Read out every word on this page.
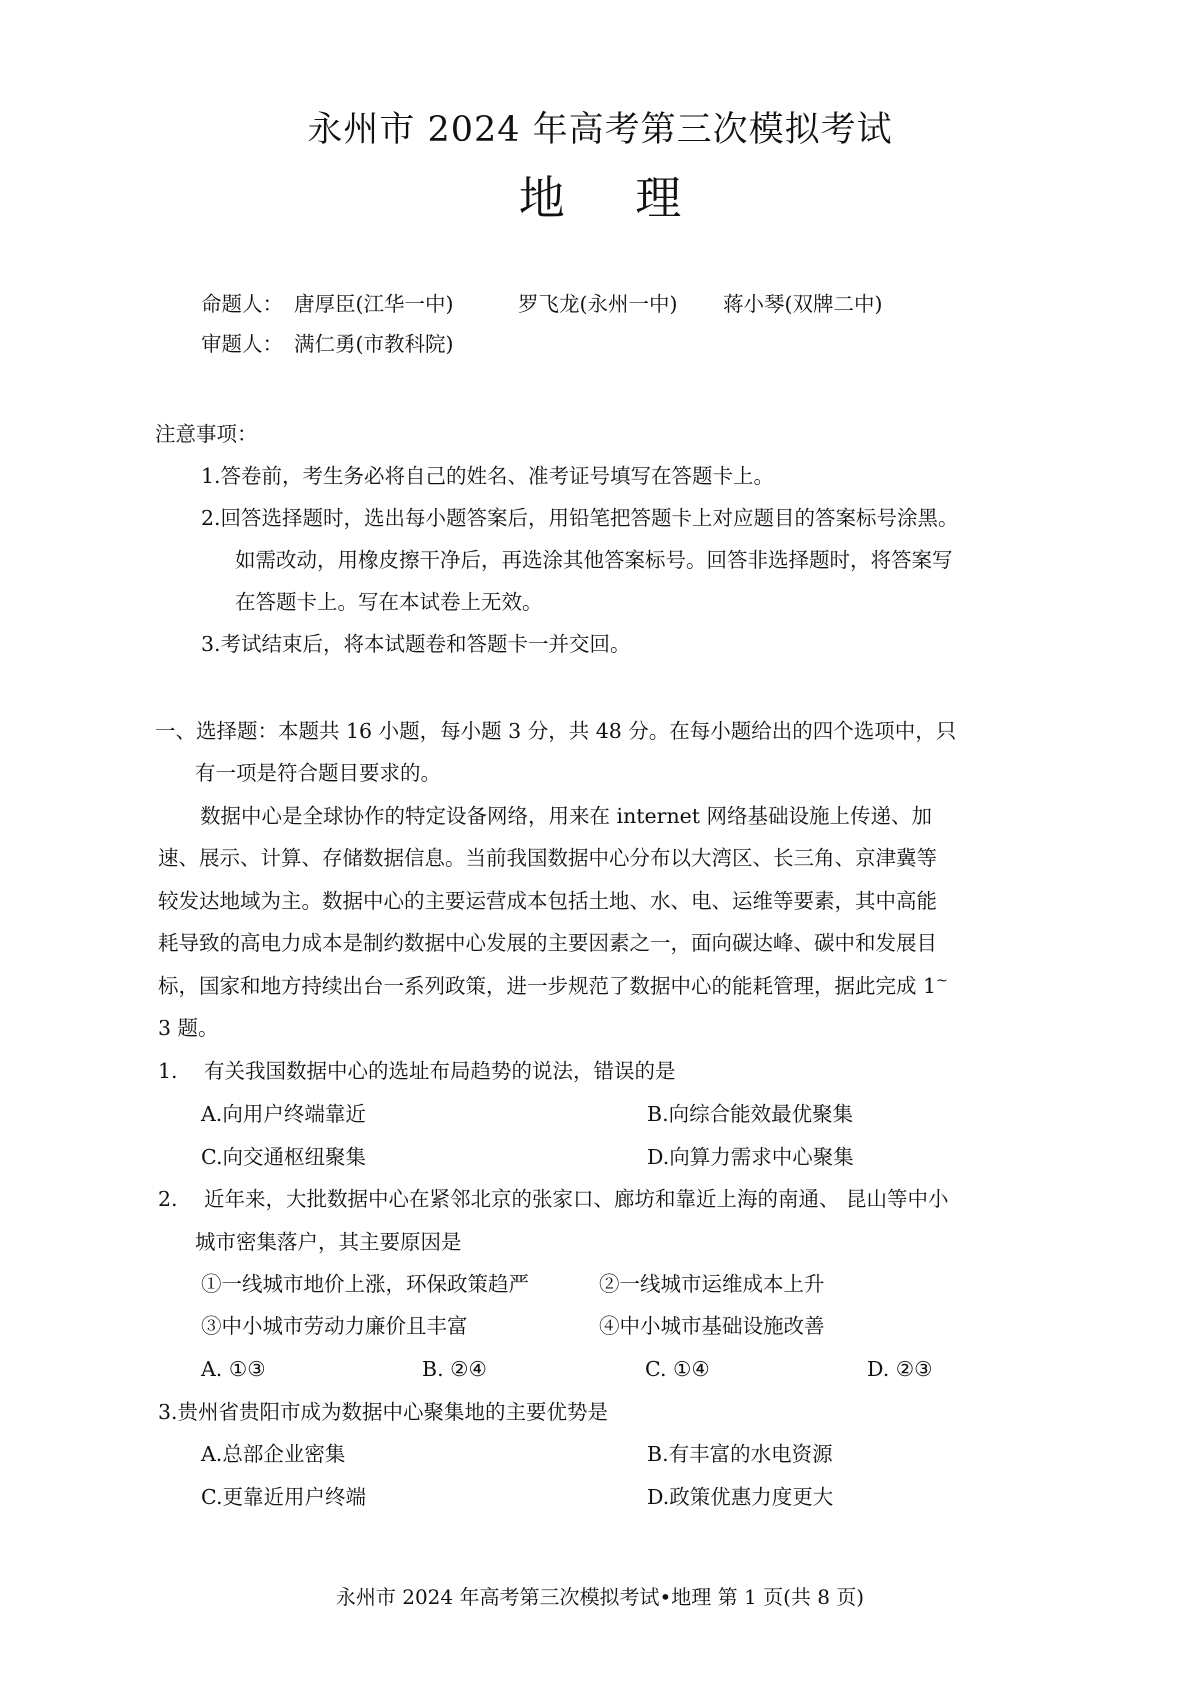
永州市 2024 年高考第三次模拟考试
地 理
命题人： 唐厚臣(江华一中)	罗飞龙(永州一中) 蒋小琴(双牌二中)
审题人： 满仁勇(市教科院)
注意事项：
1.答卷前，考生务必将自己的姓名、准考证号填写在答题卡上。
2.回答选择题时，选出每小题答案后，用铅笔把答题卡上对应题目的答案标号涂黑。
如需改动，用橡皮擦干净后，再选涂其他答案标号。回答非选择题时，将答案写
在答题卡上。写在本试卷上无效。
3.考试结束后，将本试题卷和答题卡一并交回。
一、选择题：本题共 16 小题，每小题 3 分，共 48 分。在每小题给出的四个选项中，只
有一项是符合题目要求的。
数据中心是全球协作的特定设备网络，用来在 internet 网络基础设施上传递、加
速、展示、计算、存储数据信息。当前我国数据中心分布以大湾区、长三角、京津冀等
较发达地域为主。数据中心的主要运营成本包括土地、水、电、运维等要素，其中高能
耗导致的高电力成本是制约数据中心发展的主要因素之一，面向碳达峰、碳中和发展目
标，国家和地方持续出台一系列政策，进一步规范了数据中心的能耗管理，据此完成 1~
3 题。
1. 有关我国数据中心的选址布局趋势的说法，错误的是
A.向用户终端靠近	B.向综合能效最优聚集
C.向交通枢纽聚集	D.向算力需求中心聚集
2. 近年来，大批数据中心在紧邻北京的张家口、廊坊和靠近上海的南通、 昆山等中小
城市密集落户，其主要原因是
①一线城市地价上涨，环保政策趋严	②一线城市运维成本上升
③中小城市劳动力廉价且丰富	④中小城市基础设施改善
A. ①③	B. ②④	C. ①④	D. ②③
3.贵州省贵阳市成为数据中心聚集地的主要优势是
A.总部企业密集	B.有丰富的水电资源
C.更靠近用户终端	D.政策优惠力度更大
永州市 2024 年高考第三次模拟考试•地理 第 1 页(共 8 页)
